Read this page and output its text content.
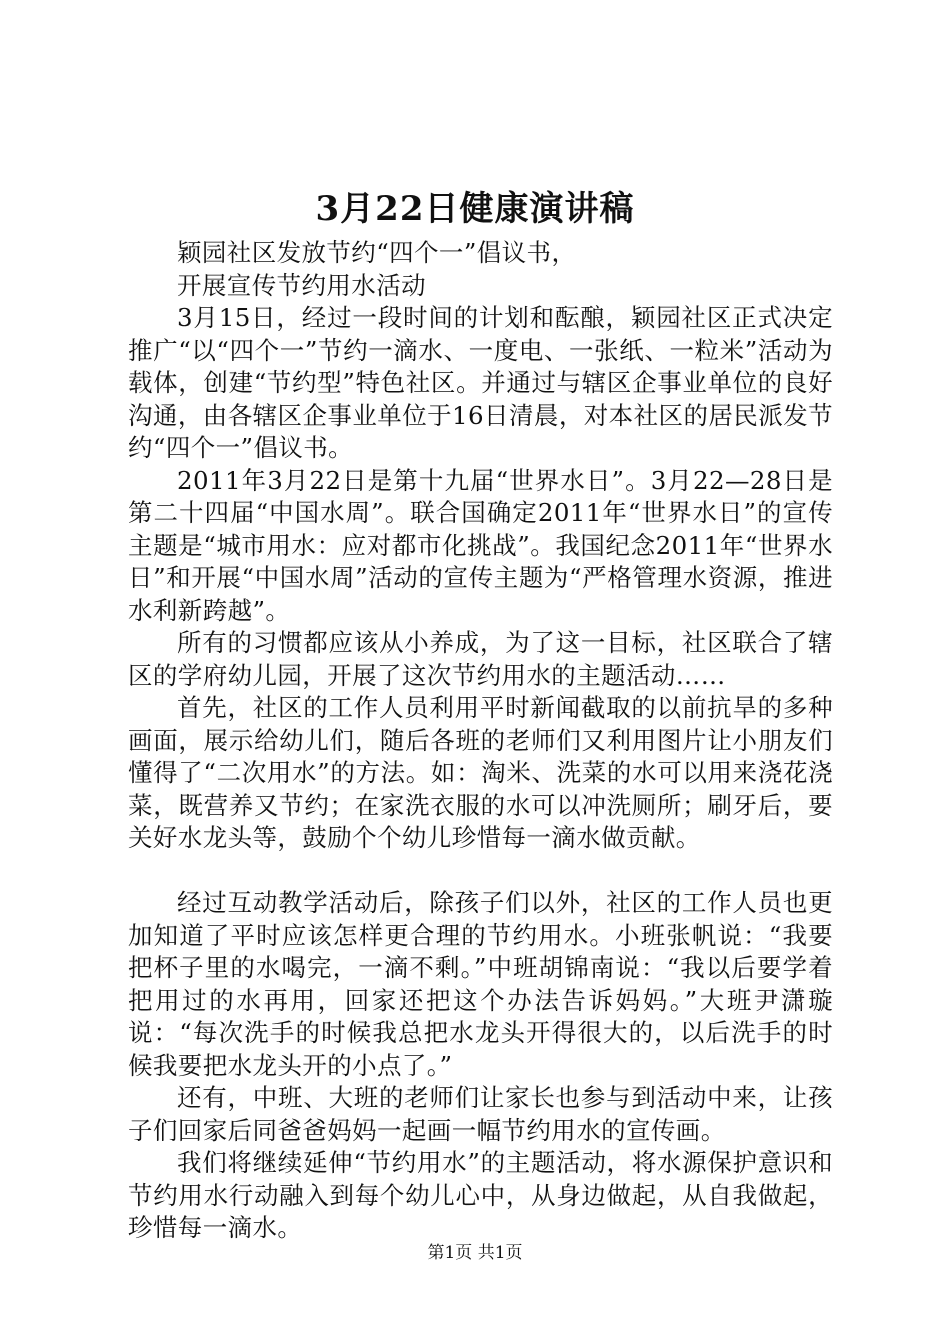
3月22日健康演讲稿

颖园社区发放节约“四个一”倡议书，

开展宣传节约用水活动

3月15日，经过一段时间的计划和酝酿，颖园社区正式决定推广“以“四个一”节约一滴水、一度电、一张纸、一粒米”活动为载体，创建“节约型”特色社区。并通过与辖区企事业单位的良好沟通，由各辖区企事业单位于16日清晨，对本社区的居民派发节约“四个一”倡议书。

2011年3月22日是第十九届“世界水日”。3月22—28日是第二十四届“中国水周”。联合国确定2011年“世界水日”的宣传主题是“城市用水：应对都市化挑战”。我国纪念2011年“世界水日”和开展“中国水周”活动的宣传主题为“严格管理水资源，推进水利新跨越”。

所有的习惯都应该从小养成，为了这一目标，社区联合了辖区的学府幼儿园，开展了这次节约用水的主题活动……

首先，社区的工作人员利用平时新闻截取的以前抗旱的多种画面，展示给幼儿们，随后各班的老师们又利用图片让小朋友们懂得了“二次用水”的方法。如：淘米、洗菜的水可以用来浇花浇菜，既营养又节约；在家洗衣服的水可以冲洗厕所；刷牙后，要关好水龙头等，鼓励个个幼儿珍惜每一滴水做贡献。

经过互动教学活动后，除孩子们以外，社区的工作人员也更加知道了平时应该怎样更合理的节约用水。小班张帆说：“我要把杯子里的水喝完，一滴不剩。”中班胡锦南说：“我以后要学着把用过的水再用，回家还把这个办法告诉妈妈。”大班尹潇璇说：“每次洗手的时候我总把水龙头开得很大的，以后洗手的时候我要把水龙头开的小点了。”

还有，中班、大班的老师们让家长也参与到活动中来，让孩子们回家后同爸爸妈妈一起画一幅节约用水的宣传画。

我们将继续延伸“节约用水”的主题活动，将水源保护意识和节约用水行动融入到每个幼儿心中，从身边做起，从自我做起，珍惜每一滴水。

第1页 共1页
